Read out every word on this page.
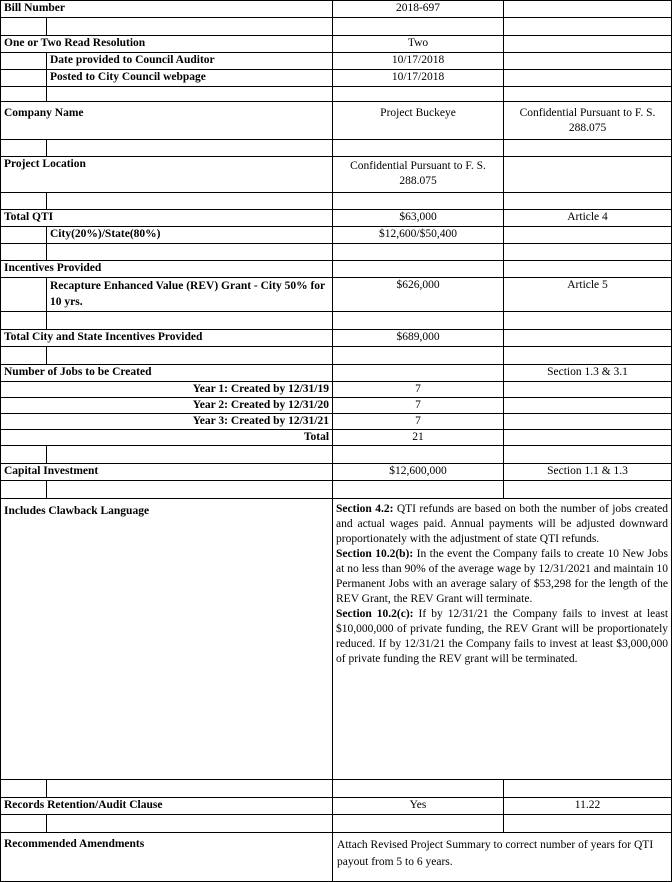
Bill Number		2018-697	

One or Two Read Resolution		Two	
	Date provided to Council Auditor	10/17/2018	
	Posted to City Council webpage	10/17/2018	

Company Name		Project Buckeye	Confidential Pursuant to F. S. 288.075

Project Location		Confidential Pursuant to F. S. 288.075	

Total QTI		$63,000	Article 4
	City(20%)/State(80%)	$12,600/$50,400	

Incentives Provided			
	Recapture Enhanced Value (REV) Grant - City 50% for 10 yrs.	$626,000	Article 5

Total City and State Incentives Provided		$689,000	

Number of Jobs to be Created			Section 1.3 & 3.1
Year 1: Created by 12/31/19		7	
Year 2: Created by 12/31/20		7	
Year 3: Created by 12/31/21		7	
Total		21	

Capital Investment		$12,600,000	Section 1.1 & 1.3

Includes Clawback Language		Section 4.2: QTI refunds are based on both the number of jobs created and actual wages paid. Annual payments will be adjusted downward proportionately with the adjustment of state QTI refunds.
Section 10.2(b): In the event the Company fails to create 10 New Jobs at no less than 90% of the average wage by 12/31/2021 and maintain 10 Permanent Jobs with an average salary of $53,298 for the length of the REV Grant, the REV Grant will terminate.
Section 10.2(c): If by 12/31/21 the Company fails to invest at least $10,000,000 of private funding, the REV Grant will be proportionately reduced. If by 12/31/21 the Company fails to invest at least $3,000,000 of private funding the REV grant will be terminated.	

Records Retention/Audit Clause		Yes	11.22

Recommended Amendments		Attach Revised Project Summary to correct number of years for QTI payout from 5 to 6 years.	
